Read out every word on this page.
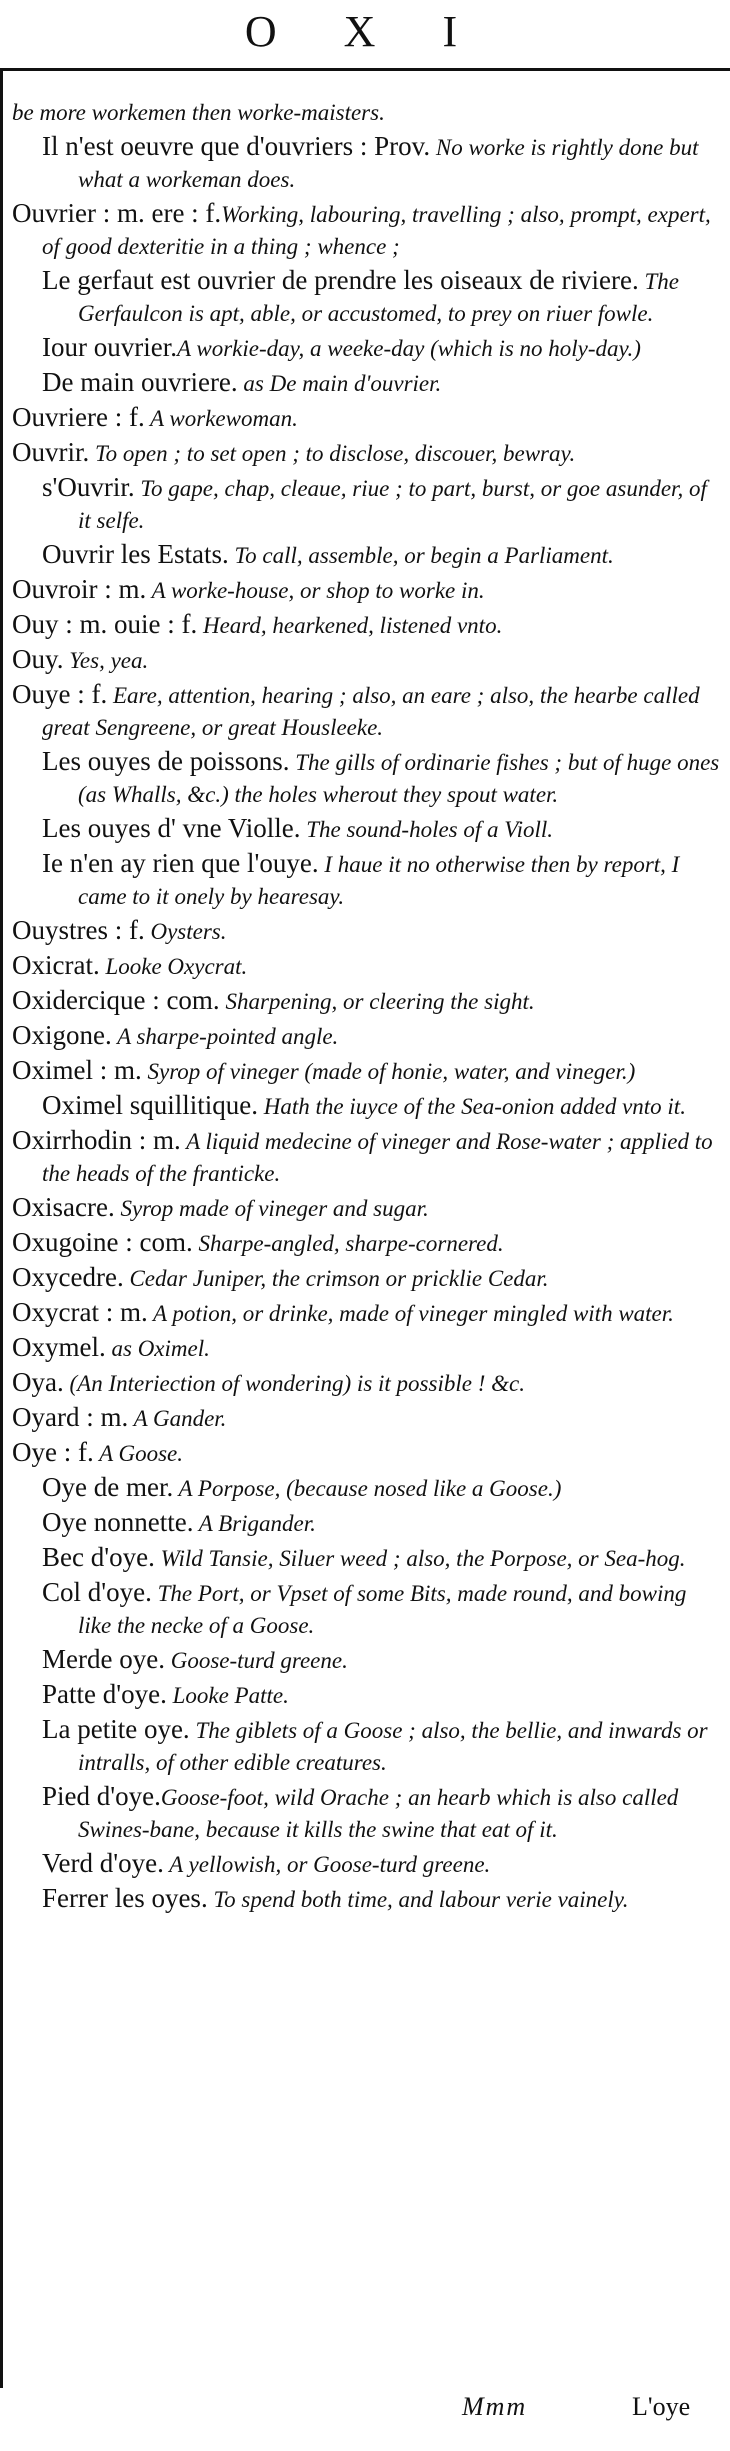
O X I

be more workemen then worke-maisters.

Il n'est oeuvre que d'ouvriers : Prov. No worke is rightly done but what a workeman does.

Ouvrier : m. ere : f.Working, labouring, travelling ; also, prompt, expert, of good dexteritie in a thing ; whence ;

Le gerfaut est ouvrier de prendre les oiseaux de riviere. The Gerfaulcon is apt, able, or accustomed, to prey on riuer fowle.

Iour ouvrier.A workie-day, a weeke-day (which is no holy-day.)

De main ouvriere. as De main d'ouvrier.

Ouvriere : f. A workewoman.

Ouvrir. To open ; to set open ; to disclose, discouer, bewray.

s'Ouvrir. To gape, chap, cleaue, riue ; to part, burst, or goe asunder, of it selfe.

Ouvrir les Estats. To call, assemble, or begin a Parliament.

Ouvroir : m. A worke-house, or shop to worke in.

Ouy : m. ouie : f. Heard, hearkened, listened vnto.

Ouy. Yes, yea.

Ouye : f. Eare, attention, hearing ; also, an eare ; also, the hearbe called great Sengreene, or great Housleeke.

Les ouyes de poissons. The gills of ordinarie fishes ; but of huge ones (as Whalls, &c.) the holes wherout they spout water.

Les ouyes d' vne Violle. The sound-holes of a Violl.

Ie n'en ay rien que l'ouye. I haue it no otherwise then by report, I came to it onely by hearesay.

Ouystres : f. Oysters.

Oxicrat. Looke Oxycrat.

Oxidercique : com. Sharpening, or cleering the sight.

Oxigone. A sharpe-pointed angle.

Oximel : m. Syrop of vineger (made of honie, water, and vineger.)

Oximel squillitique. Hath the iuyce of the Sea-onion added vnto it.

Oxirrhodin : m. A liquid medecine of vineger and Rose-water ; applied to the heads of the franticke.

Oxisacre. Syrop made of vineger and sugar.

Oxugoine : com. Sharpe-angled, sharpe-cornered.

Oxycedre. Cedar Juniper, the crimson or pricklie Cedar.

Oxycrat : m. A potion, or drinke, made of vineger mingled with water.

Oxymel. as Oximel.

Oya. (An Interiection of wondering) is it possible ! &c.

Oyard : m. A Gander.

Oye : f. A Goose.

Oye de mer. A Porpose, (because nosed like a Goose.)

Oye nonnette. A Brigander.

Bec d'oye. Wild Tansie, Siluer weed ; also, the Porpose, or Sea-hog.

Col d'oye. The Port, or Vpset of some Bits, made round, and bowing like the necke of a Goose.

Merde oye. Goose-turd greene.

Patte d'oye. Looke Patte.

La petite oye. The giblets of a Goose ; also, the bellie, and inwards or intralls, of other edible creatures.

Pied d'oye.Goose-foot, wild Orache ; an hearb which is also called Swines-bane, because it kills the swine that eat of it.

Verd d'oye. A yellowish, or Goose-turd greene.

Ferrer les oyes. To spend both time, and labour verie vainely.

Mmm	L'oye
